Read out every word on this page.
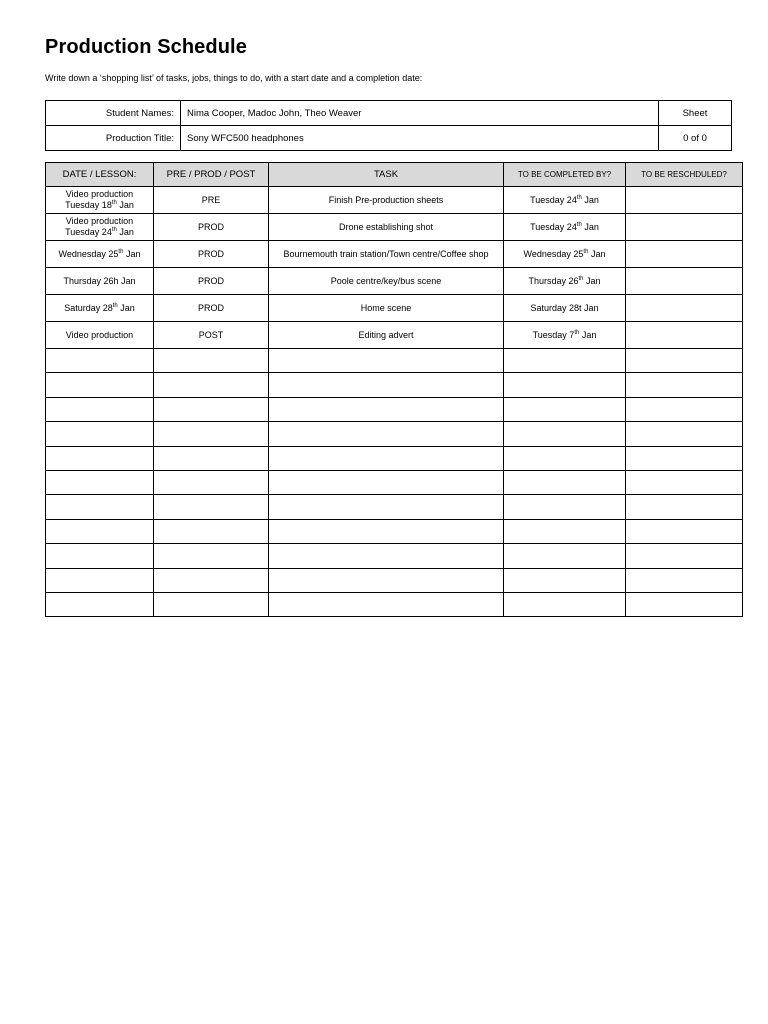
Production Schedule
Write down a ‘shopping list’ of tasks, jobs, things to do, with a start date and a completion date:
Student Names:	Nima Cooper, Madoc John, Theo Weaver	Sheet
Production Title:	Sony WFC500 headphones	0 of 0
DATE / LESSON:	PRE / PROD / POST	TASK	TO BE COMPLETED BY?	TO BE RESCHDULED?

Video production
Tuesday 18th Jan	PRE	Finish Pre-production sheets	Tuesday 24th Jan	

Video production
Tuesday 24th Jan	PROD	Drone establishing shot	Tuesday 24th Jan	

Wednesday 25th Jan	PROD	Bournemouth train station/Town centre/Coffee shop	Wednesday 25th Jan	

Thursday 26h Jan	PROD	Poole centre/key/bus scene	Thursday 26th Jan	

Saturday 28th Jan	PROD	Home scene	Saturday 28t Jan	

Video production	POST	Editing advert	Tuesday 7th Jan	
